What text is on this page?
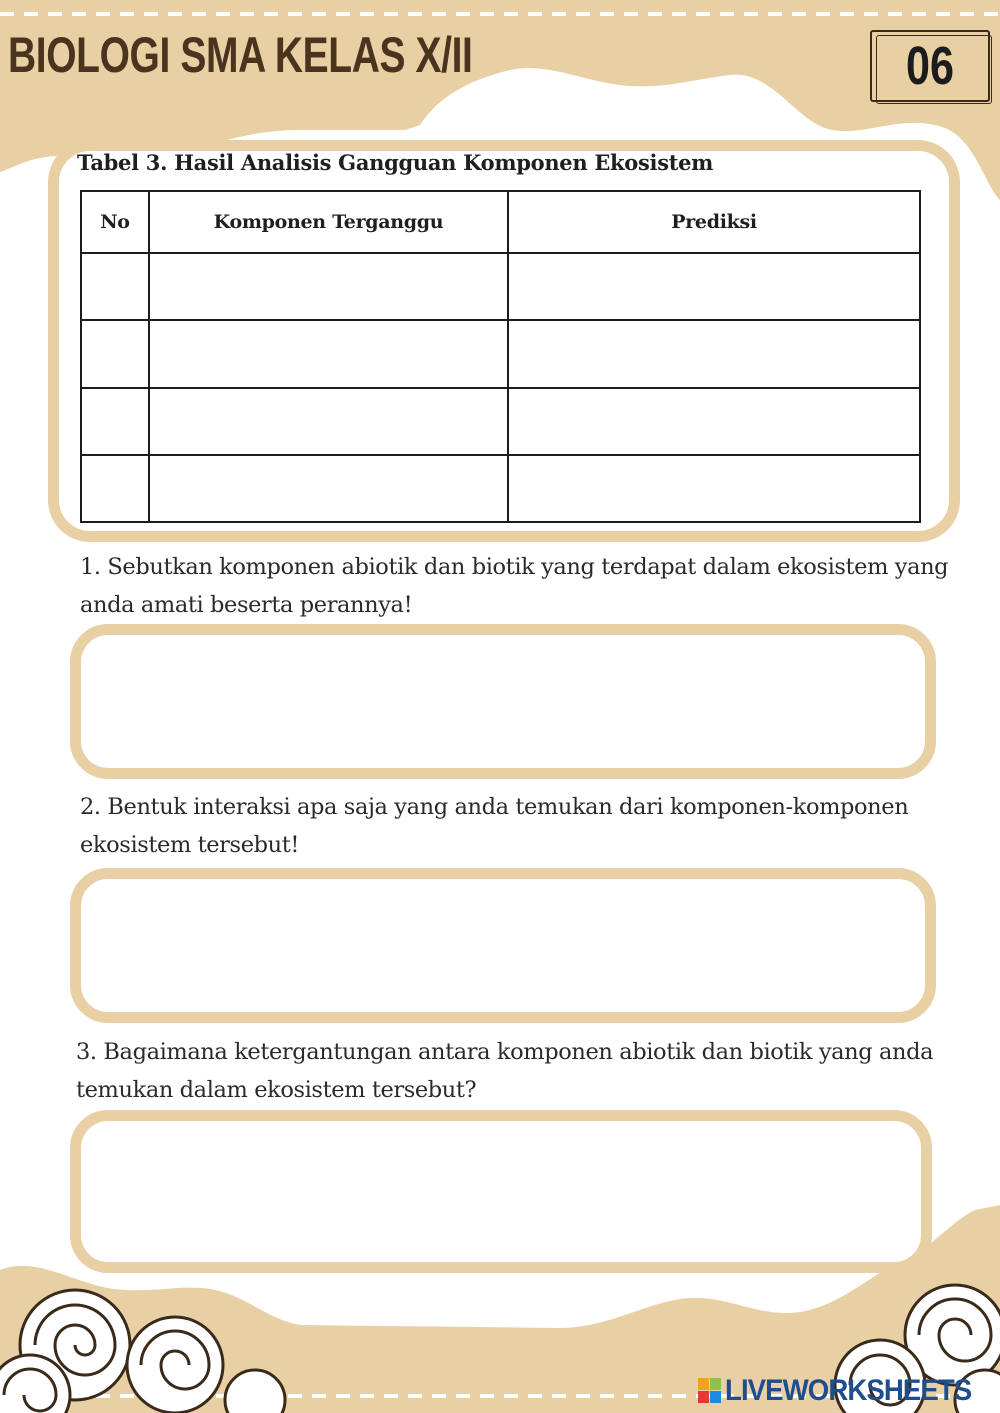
BIOLOGI SMA KELAS X/II	06
Tabel 3. Hasil Analisis Gangguan Komponen Ekosistem
No	Komponen Terganggu	Prediksi

1. Sebutkan komponen abiotik dan biotik yang terdapat dalam ekosistem yang anda amati beserta perannya!
2. Bentuk interaksi apa saja yang anda temukan dari komponen-komponen ekosistem tersebut!
3. Bagaimana ketergantungan antara komponen abiotik dan biotik yang anda temukan dalam ekosistem tersebut?
LIVEWORKSHEETS
